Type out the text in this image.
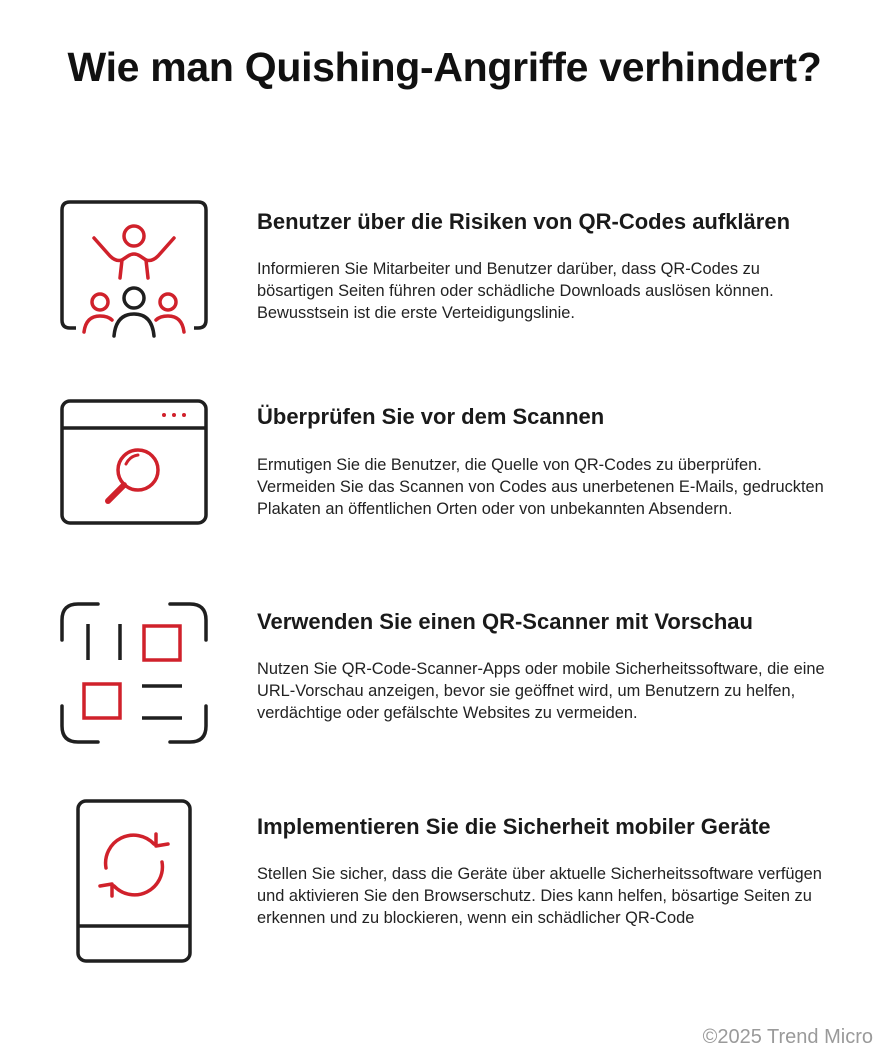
Wie man Quishing-Angriffe verhindert?
Benutzer über die Risiken von QR-Codes aufklären

Informieren Sie Mitarbeiter und Benutzer darüber, dass QR-Codes zu bösartigen Seiten führen oder schädliche Downloads auslösen können. Bewusstsein ist die erste Verteidigungslinie.

Überprüfen Sie vor dem Scannen

Ermutigen Sie die Benutzer, die Quelle von QR-Codes zu überprüfen. Vermeiden Sie das Scannen von Codes aus unerbetenen E-Mails, gedruckten Plakaten an öffentlichen Orten oder von unbekannten Absendern.

Verwenden Sie einen QR-Scanner mit Vorschau

Nutzen Sie QR-Code-Scanner-Apps oder mobile Sicherheitssoftware, die eine URL-Vorschau anzeigen, bevor sie geöffnet wird, um Benutzern zu helfen, verdächtige oder gefälschte Websites zu vermeiden.

Implementieren Sie die Sicherheit mobiler Geräte

Stellen Sie sicher, dass die Geräte über aktuelle Sicherheitssoftware verfügen und aktivieren Sie den Browserschutz. Dies kann helfen, bösartige Seiten zu erkennen und zu blockieren, wenn ein schädlicher QR-Code

©2025 Trend Micro
